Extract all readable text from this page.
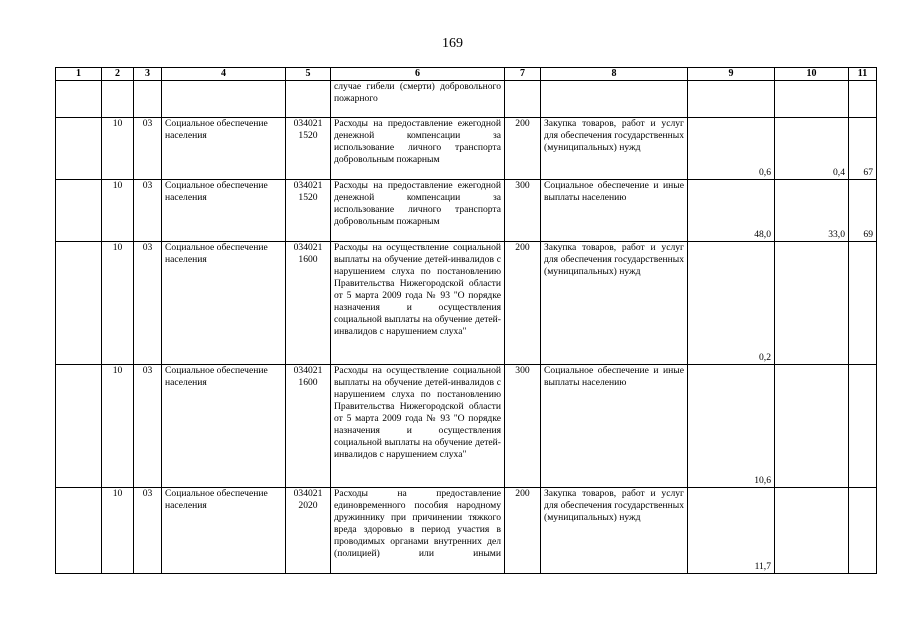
169
1	2	3	4	5	6	7	8	9	10	11
					случае гибели (смерти) добровольного пожарного					
	10	03	Социальное обеспечение населения	034021 1520	Расходы на предоставление ежегодной денежной компенсации за использование личного транспорта добровольным пожарным	200	Закупка товаров, работ и услуг для обеспечения государственных (муниципальных) нужд	0,6	0,4	67
	10	03	Социальное обеспечение населения	034021 1520	Расходы на предоставление ежегодной денежной компенсации за использование личного транспорта добровольным пожарным	300	Социальное обеспечение и иные выплаты населению	48,0	33,0	69
	10	03	Социальное обеспечение населения	034021 1600	Расходы на осуществление социальной выплаты на обучение детей-инвалидов с нарушением слуха по постановлению Правительства Нижегородской области от 5 марта 2009 года № 93 "О порядке назначения и осуществления социальной выплаты на обучение детей-инвалидов с нарушением слуха"	200	Закупка товаров, работ и услуг для обеспечения государственных (муниципальных) нужд	0,2		
	10	03	Социальное обеспечение населения	034021 1600	Расходы на осуществление социальной выплаты на обучение детей-инвалидов с нарушением слуха по постановлению Правительства Нижегородской области от 5 марта 2009 года № 93 "О порядке назначения и осуществления социальной выплаты на обучение детей-инвалидов с нарушением слуха"	300	Социальное обеспечение и иные выплаты населению	10,6		
	10	03	Социальное обеспечение населения	034021 2020	Расходы на предоставление единовременного пособия народному дружиннику при причинении тяжкого вреда здоровью в период участия в проводимых органами внутренних дел (полицией) или иными	200	Закупка товаров, работ и услуг для обеспечения государственных (муниципальных) нужд	11,7		
